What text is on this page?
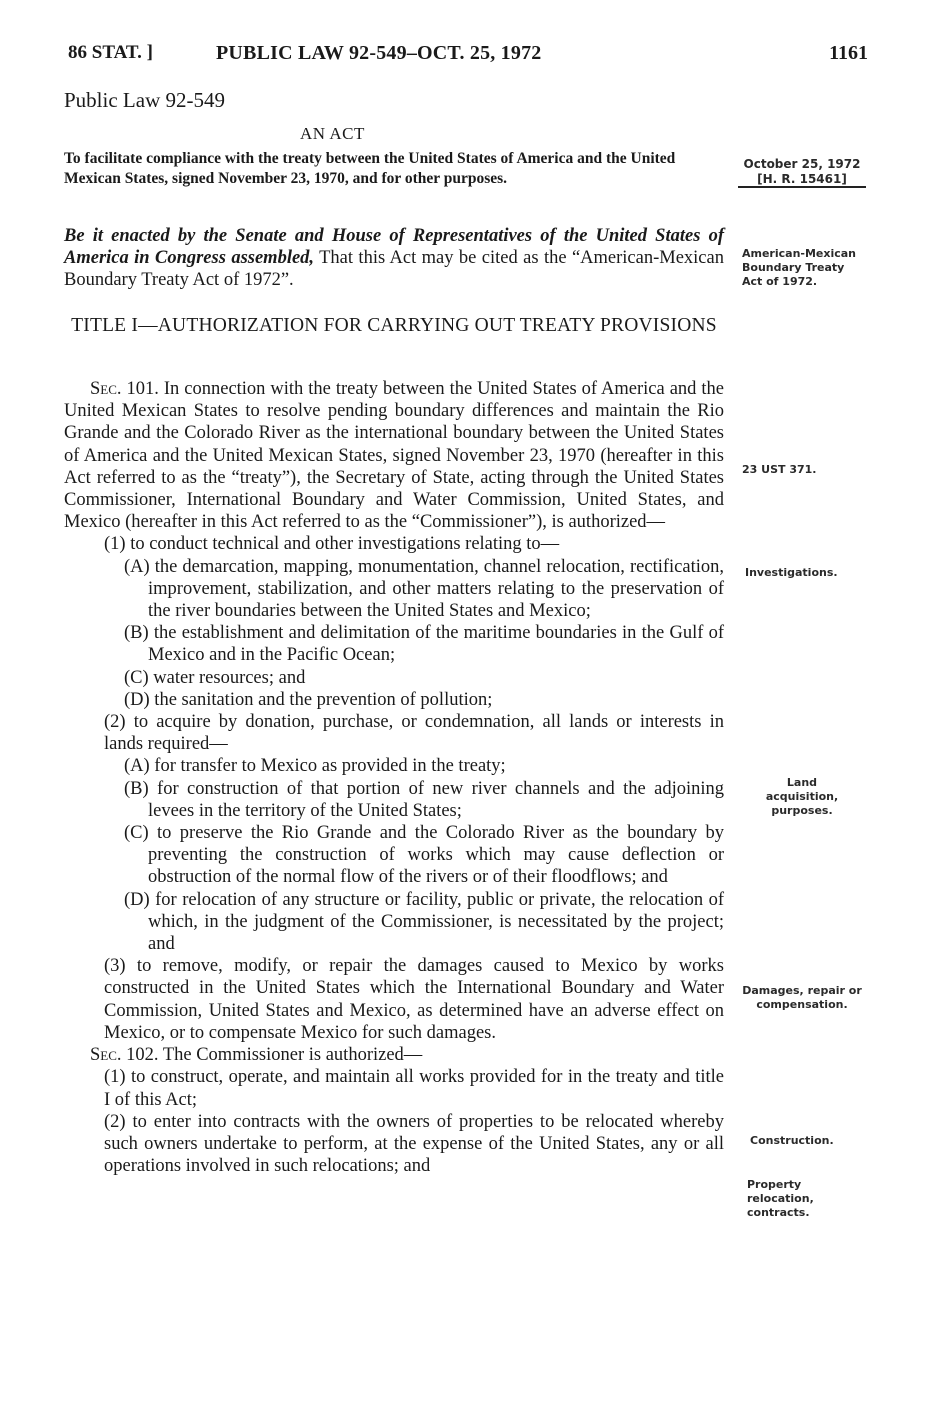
86 STAT. ]	PUBLIC LAW 92-549–OCT. 25, 1972	1161
Public Law 92-549
AN ACT
To facilitate compliance with the treaty between the United States of America and the United Mexican States, signed November 23, 1970, and for other purposes.
Be it enacted by the Senate and House of Representatives of the United States of America in Congress assembled, That this Act may be cited as the “American-Mexican Boundary Treaty Act of 1972”.
TITLE I—AUTHORIZATION FOR CARRYING OUT TREATY PROVISIONS

Sec. 101. In connection with the treaty between the United States of America and the United Mexican States to resolve pending boundary differences and maintain the Rio Grande and the Colorado River as the international boundary between the United States of America and the United Mexican States, signed November 23, 1970 (hereafter in this Act referred to as the “treaty”), the Secretary of State, acting through the United States Commissioner, International Boundary and Water Commission, United States, and Mexico (hereafter in this Act referred to as the “Commissioner”), is authorized—

(1) to conduct technical and other investigations relating to—

(A) the demarcation, mapping, monumentation, channel relocation, rectification, improvement, stabilization, and other matters relating to the preservation of the river boundaries between the United States and Mexico;

(B) the establishment and delimitation of the maritime boundaries in the Gulf of Mexico and in the Pacific Ocean;

(C) water resources; and

(D) the sanitation and the prevention of pollution;

(2) to acquire by donation, purchase, or condemnation, all lands or interests in lands required—

(A) for transfer to Mexico as provided in the treaty;

(B) for construction of that portion of new river channels and the adjoining levees in the territory of the United States;

(C) to preserve the Rio Grande and the Colorado River as the boundary by preventing the construction of works which may cause deflection or obstruction of the normal flow of the rivers or of their floodflows; and

(D) for relocation of any structure or facility, public or private, the relocation of which, in the judgment of the Commissioner, is necessitated by the project; and

(3) to remove, modify, or repair the damages caused to Mexico by works constructed in the United States which the International Boundary and Water Commission, United States and Mexico, as determined have an adverse effect on Mexico, or to compensate Mexico for such damages.

Sec. 102. The Commissioner is authorized—

(1) to construct, operate, and maintain all works provided for in the treaty and title I of this Act;

(2) to enter into contracts with the owners of properties to be relocated whereby such owners undertake to perform, at the expense of the United States, any or all operations involved in such relocations; and

October 25, 1972
[H. R. 15461]
American-Mexican Boundary Treaty Act of 1972.
23 UST 371.
Investigations.
Land acquisition, purposes.
Damages, repair or compensation.
Construction.
Property relocation, contracts.
